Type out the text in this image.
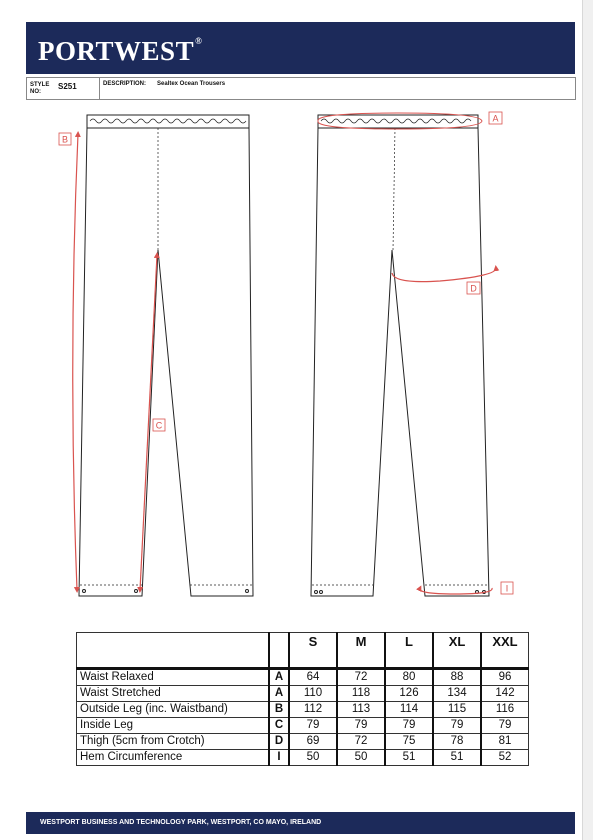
PORTWEST®
STYLE
NO:
S251	DESCRIPTION: Sealtex Ocean Trousers
B
C
A
D
I
		S	M	L	XL	XXL

Waist Relaxed	A	64	72	80	88	96
Waist Stretched	A	110	118	126	134	142
Outside Leg (inc. Waistband)	B	112	113	114	115	116
Inside Leg	C	79	79	79	79	79
Thigh (5cm from Crotch)	D	69	72	75	78	81
Hem Circumference	I	50	50	51	51	52
WESTPORT BUSINESS AND TECHNOLOGY PARK, WESTPORT, CO MAYO, IRELAND
